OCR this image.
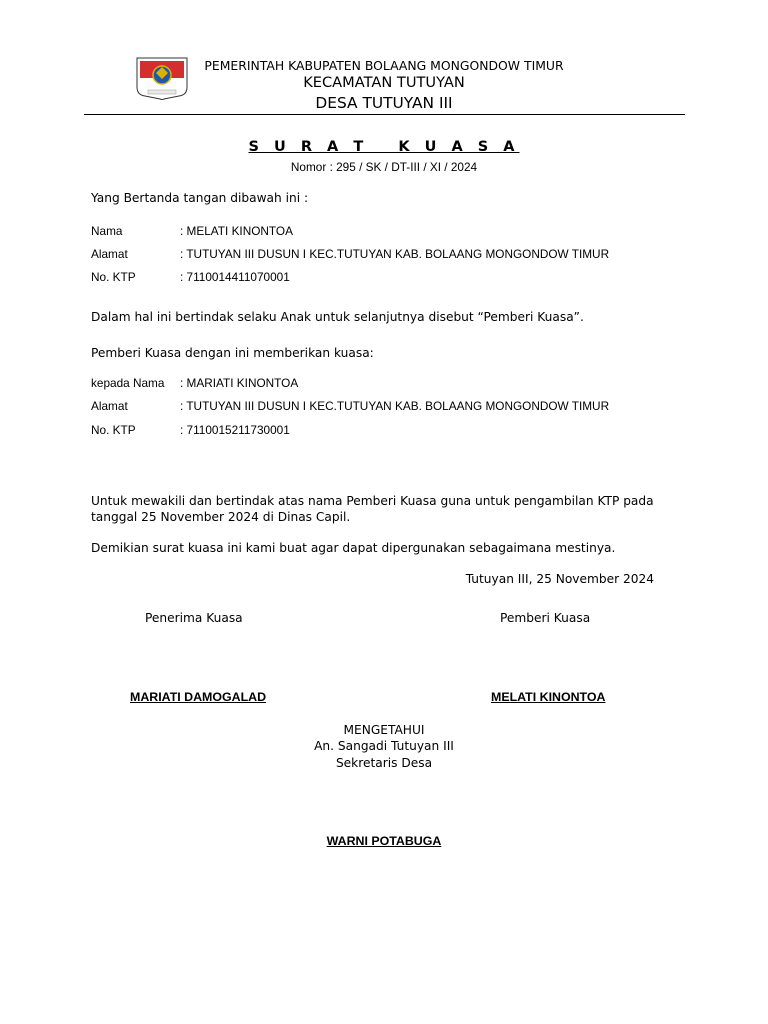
PEMERINTAH KABUPATEN BOLAANG MONGONDOW TIMUR
KECAMATAN TUTUYAN
DESA TUTUYAN III
S U R A T   K U A S A
Nomor : 295 / SK / DT-III / XI / 2024
Yang Bertanda tangan dibawah ini :
Nama	: MELATI KINONTOA
Alamat	: TUTUYAN III DUSUN I KEC.TUTUYAN KAB. BOLAANG MONGONDOW TIMUR
No. KTP	: 7110014411070001
Dalam hal ini bertindak selaku Anak untuk selanjutnya disebut “Pemberi Kuasa”.
Pemberi Kuasa dengan ini memberikan kuasa:
kepada Nama : MARIATI KINONTOA
Alamat	: TUTUYAN III DUSUN I KEC.TUTUYAN KAB. BOLAANG MONGONDOW TIMUR
No. KTP	: 7110015211730001
Untuk mewakili dan bertindak atas nama Pemberi Kuasa guna untuk pengambilan KTP pada
tanggal 25 November 2024 di Dinas Capil.
Demikian surat kuasa ini kami buat agar dapat dipergunakan sebagaimana mestinya.
Tutuyan III, 25 November 2024
Penerima Kuasa	Pemberi Kuasa
MARIATI DAMOGALAD	MELATI KINONTOA
MENGETAHUI
An. Sangadi Tutuyan III
Sekretaris Desa
WARNI POTABUGA
